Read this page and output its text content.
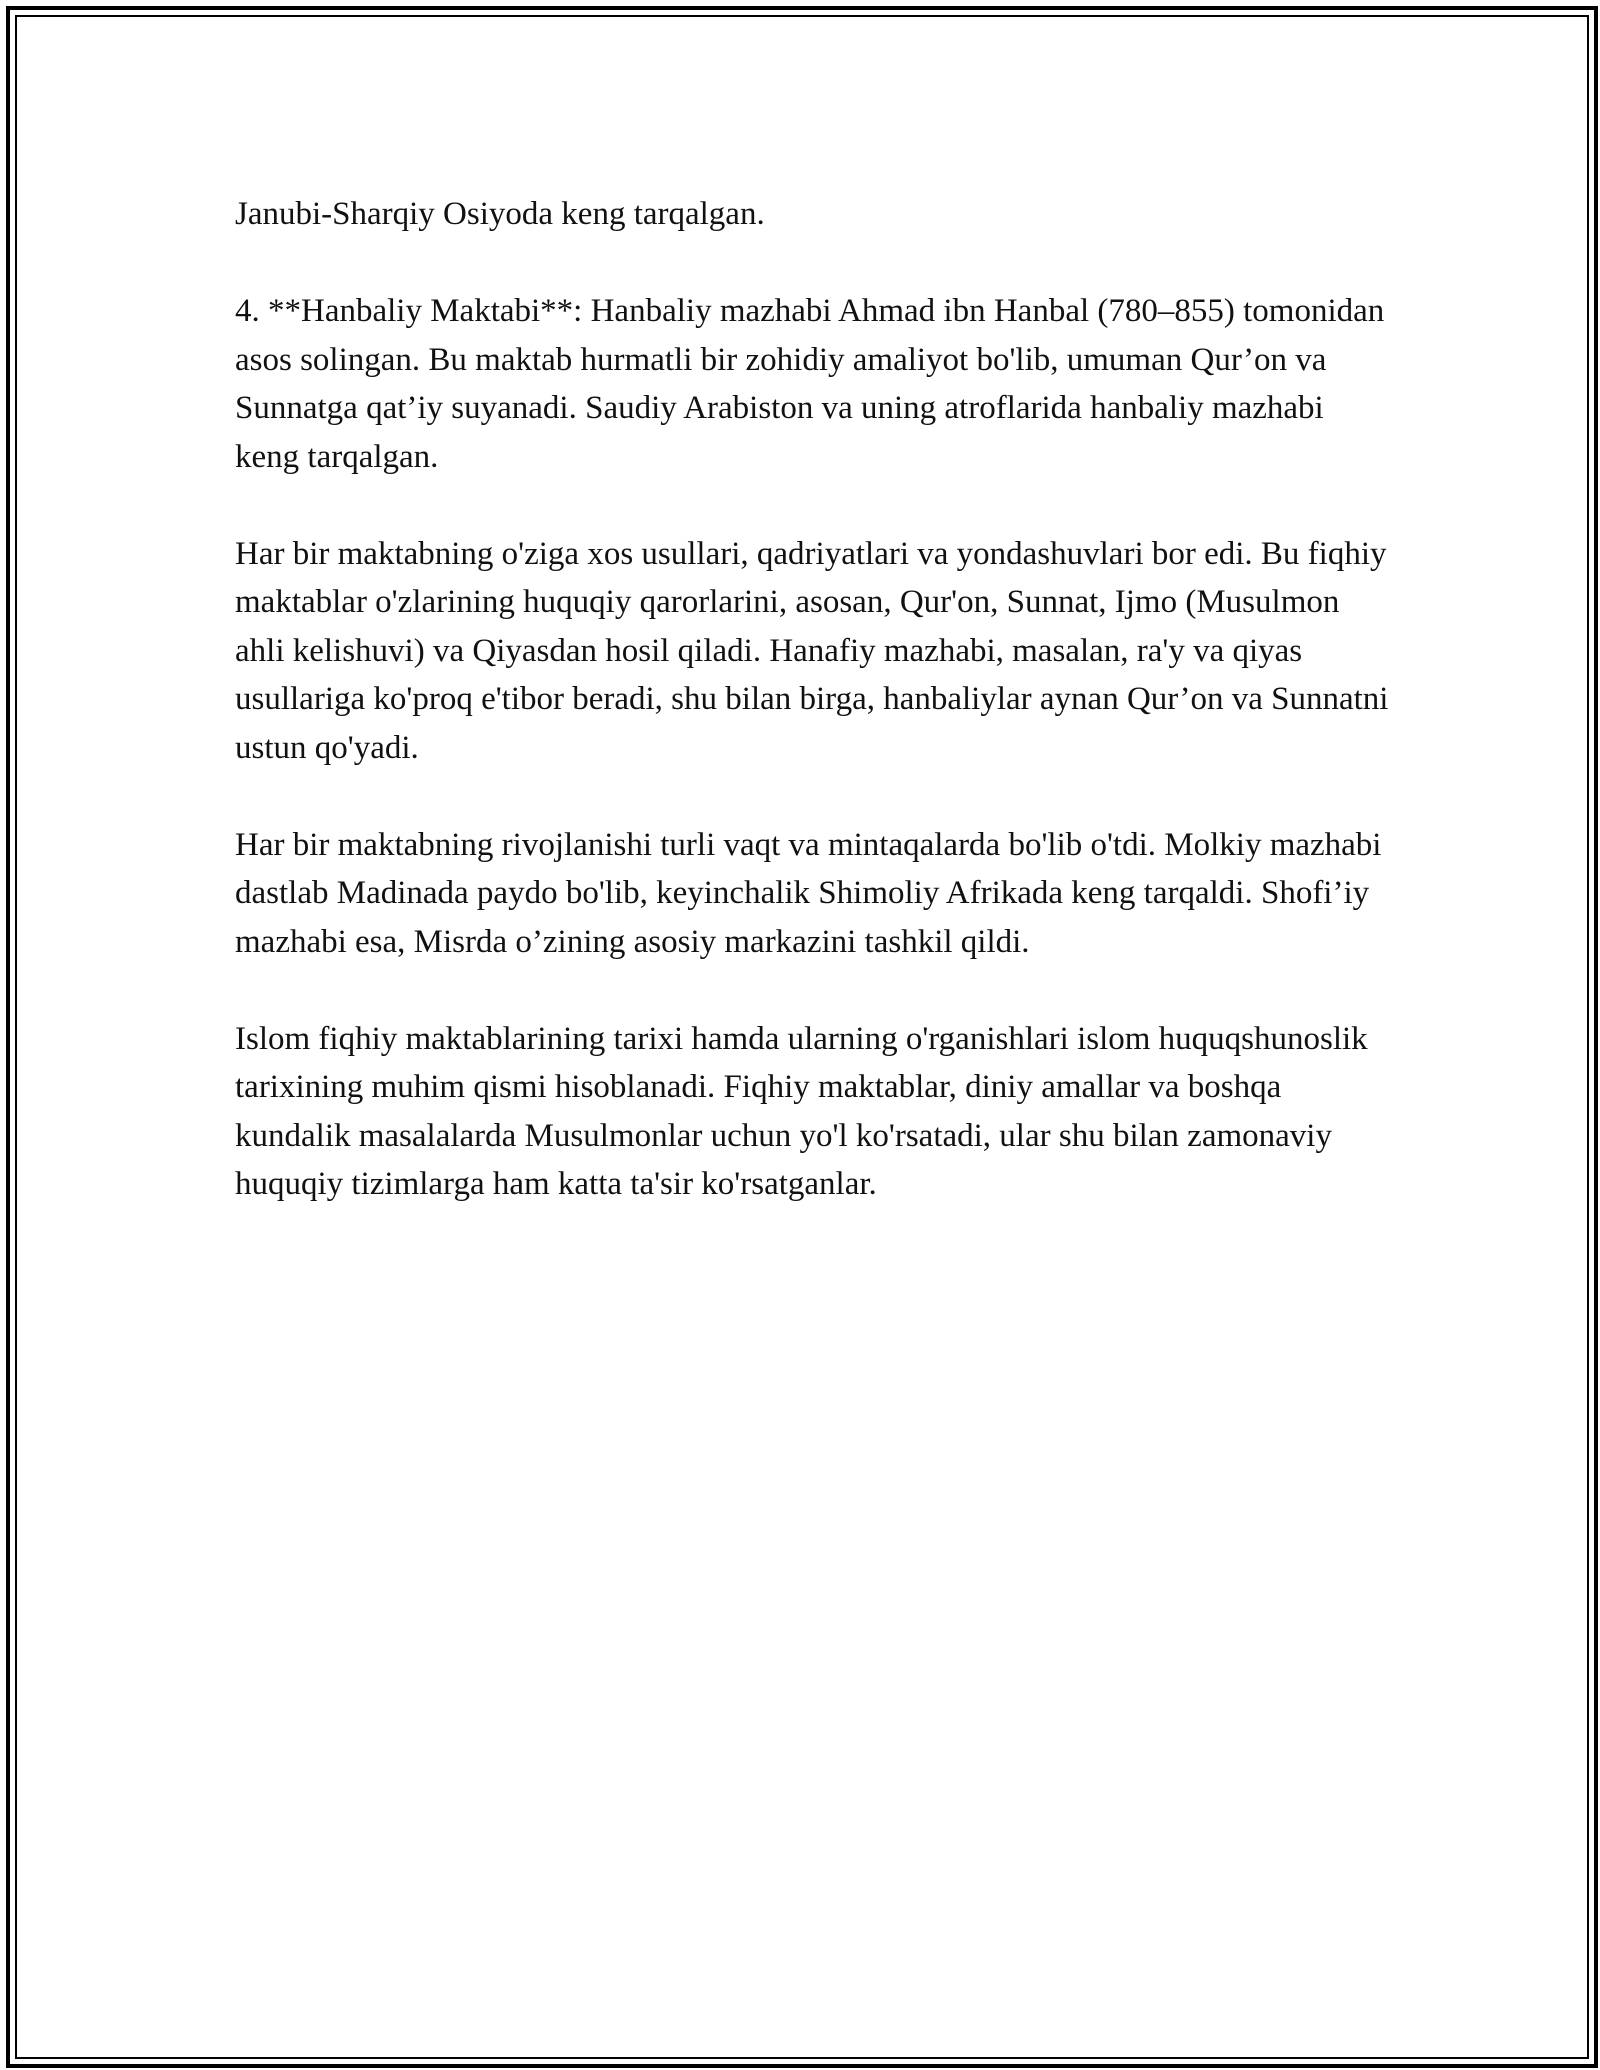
Janubi-Sharqiy Osiyoda keng tarqalgan.

4. **Hanbaliy Maktabi**: Hanbaliy mazhabi Ahmad ibn Hanbal (780–855) tomonidan asos solingan. Bu maktab hurmatli bir zohidiy amaliyot bo'lib, umuman Qur’on va Sunnatga qat’iy suyanadi. Saudiy Arabiston va uning atroflarida hanbaliy mazhabi keng tarqalgan.

Har bir maktabning o'ziga xos usullari, qadriyatlari va yondashuvlari bor edi. Bu fiqhiy maktablar o'zlarining huquqiy qarorlarini, asosan, Qur'on, Sunnat, Ijmo (Musulmon ahli kelishuvi) va Qiyasdan hosil qiladi. Hanafiy mazhabi, masalan, ra'y va qiyas usullariga ko'proq e'tibor beradi, shu bilan birga, hanbaliylar aynan Qur’on va Sunnatni ustun qo'yadi.

Har bir maktabning rivojlanishi turli vaqt va mintaqalarda bo'lib o'tdi. Molkiy mazhabi dastlab Madinada paydo bo'lib, keyinchalik Shimoliy Afrikada keng tarqaldi. Shofi’iy mazhabi esa, Misrda o’zining asosiy markazini tashkil qildi.

Islom fiqhiy maktablarining tarixi hamda ularning o'rganishlari islom huquqshunoslik tarixining muhim qismi hisoblanadi. Fiqhiy maktablar, diniy amallar va boshqa kundalik masalalarda Musulmonlar uchun yo'l ko'rsatadi, ular shu bilan zamonaviy huquqiy tizimlarga ham katta ta'sir ko'rsatganlar.
